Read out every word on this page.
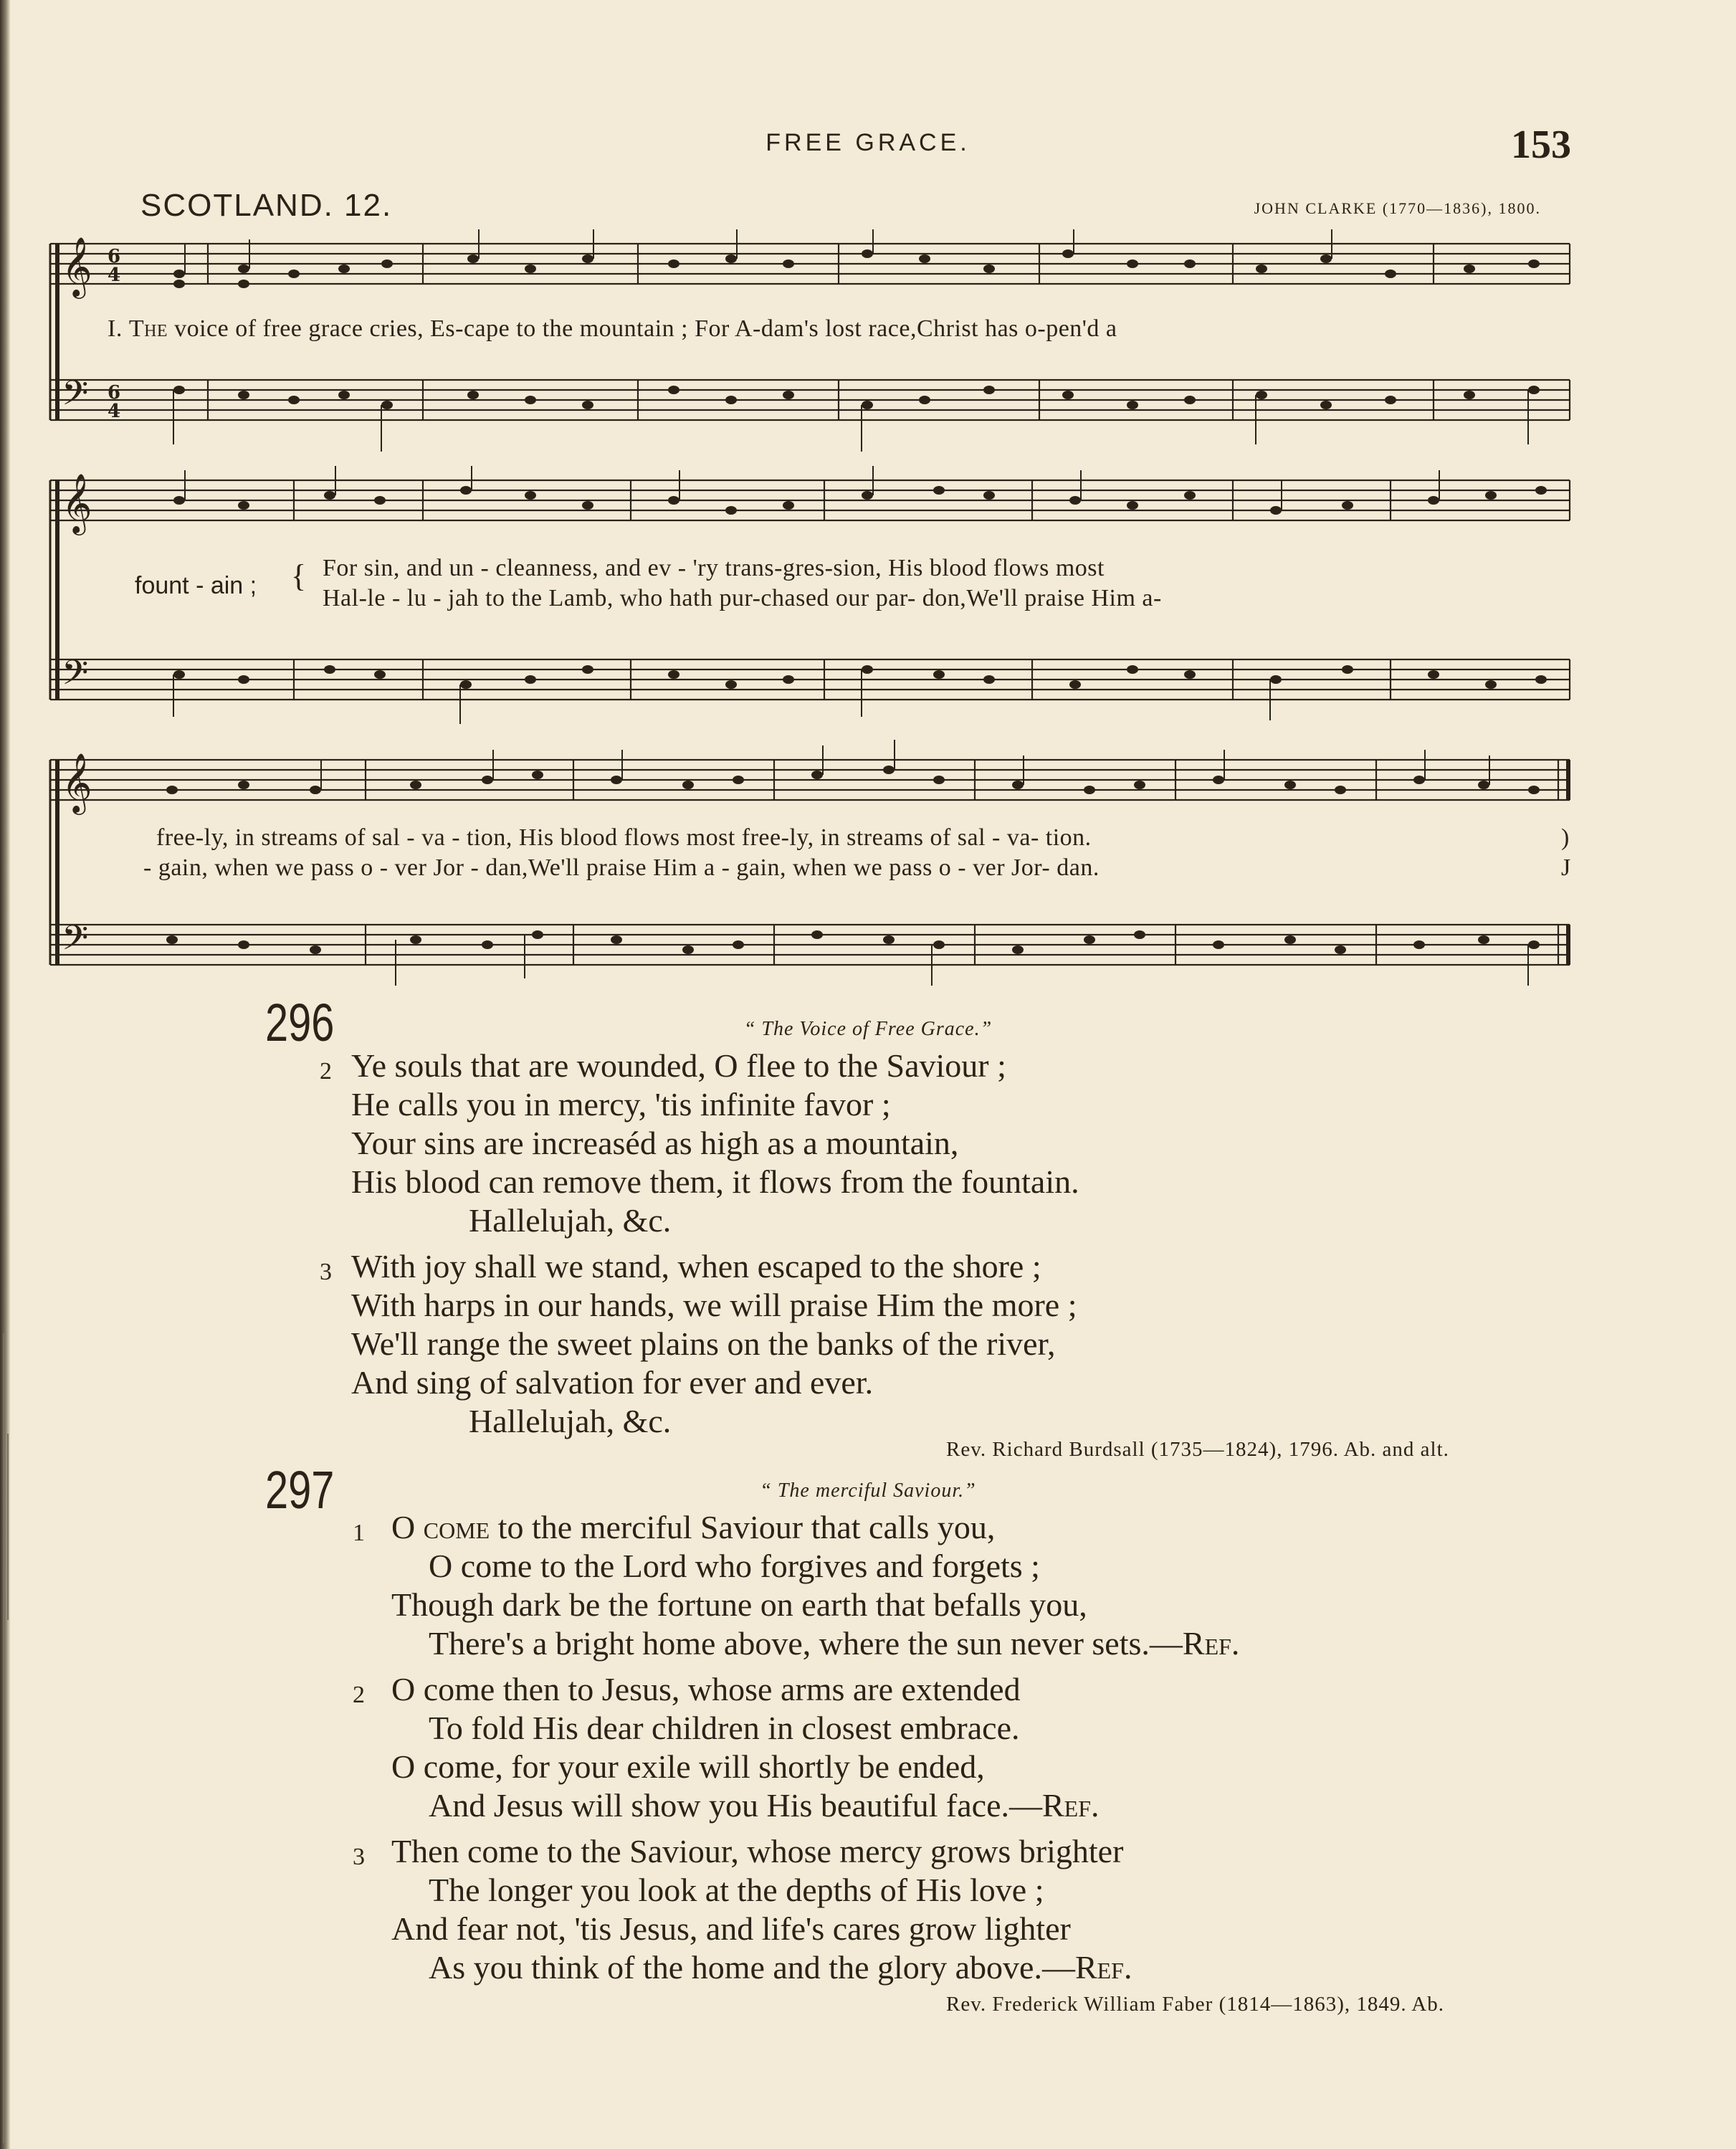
FREE GRACE.	153
SCOTLAND. 12.	JOHN CLARKE (1770—1836), 1800.
𝄞
𝄢
6
4
6
4
I. The voice of free grace cries, Es-cape to the mountain ; For A-dam's lost race,Christ has o-pen'd a
𝄞
𝄢
fount - ain ; { For sin, and un - cleanness, and ev - 'ry trans-gres-sion, His blood flows most
Hal-le - lu - jah to the Lamb, who hath pur-chased our par- don,We'll praise Him a-
𝄞
𝄢
free-ly, in streams of sal - va - tion, His blood flows most free-ly, in streams of sal - va- tion.
- gain, when we pass o - ver Jor - dan,We'll praise Him a - gain, when we pass o - ver Jor- dan.
)
J
296	“ The Voice of Free Grace.”
2 Ye souls that are wounded, O flee to the Saviour ;
He calls you in mercy, 'tis infinite favor ;
Your sins are increaséd as high as a mountain,
His blood can remove them, it flows from the fountain.
Hallelujah, &c.
3 With joy shall we stand, when escaped to the shore ;
With harps in our hands, we will praise Him the more ;
We'll range the sweet plains on the banks of the river,
And sing of salvation for ever and ever.
Hallelujah, &c.
Rev. Richard Burdsall (1735—1824), 1796. Ab. and alt.
297	“ The merciful Saviour.”
1 O come to the merciful Saviour that calls you,
O come to the Lord who forgives and forgets ;
Though dark be the fortune on earth that befalls you,
There's a bright home above, where the sun never sets.—Ref.
2 O come then to Jesus, whose arms are extended
To fold His dear children in closest embrace.
O come, for your exile will shortly be ended,
And Jesus will show you His beautiful face.—Ref.
3 Then come to the Saviour, whose mercy grows brighter
The longer you look at the depths of His love ;
And fear not, 'tis Jesus, and life's cares grow lighter
As you think of the home and the glory above.—Ref.
Rev. Frederick William Faber (1814—1863), 1849. Ab.
